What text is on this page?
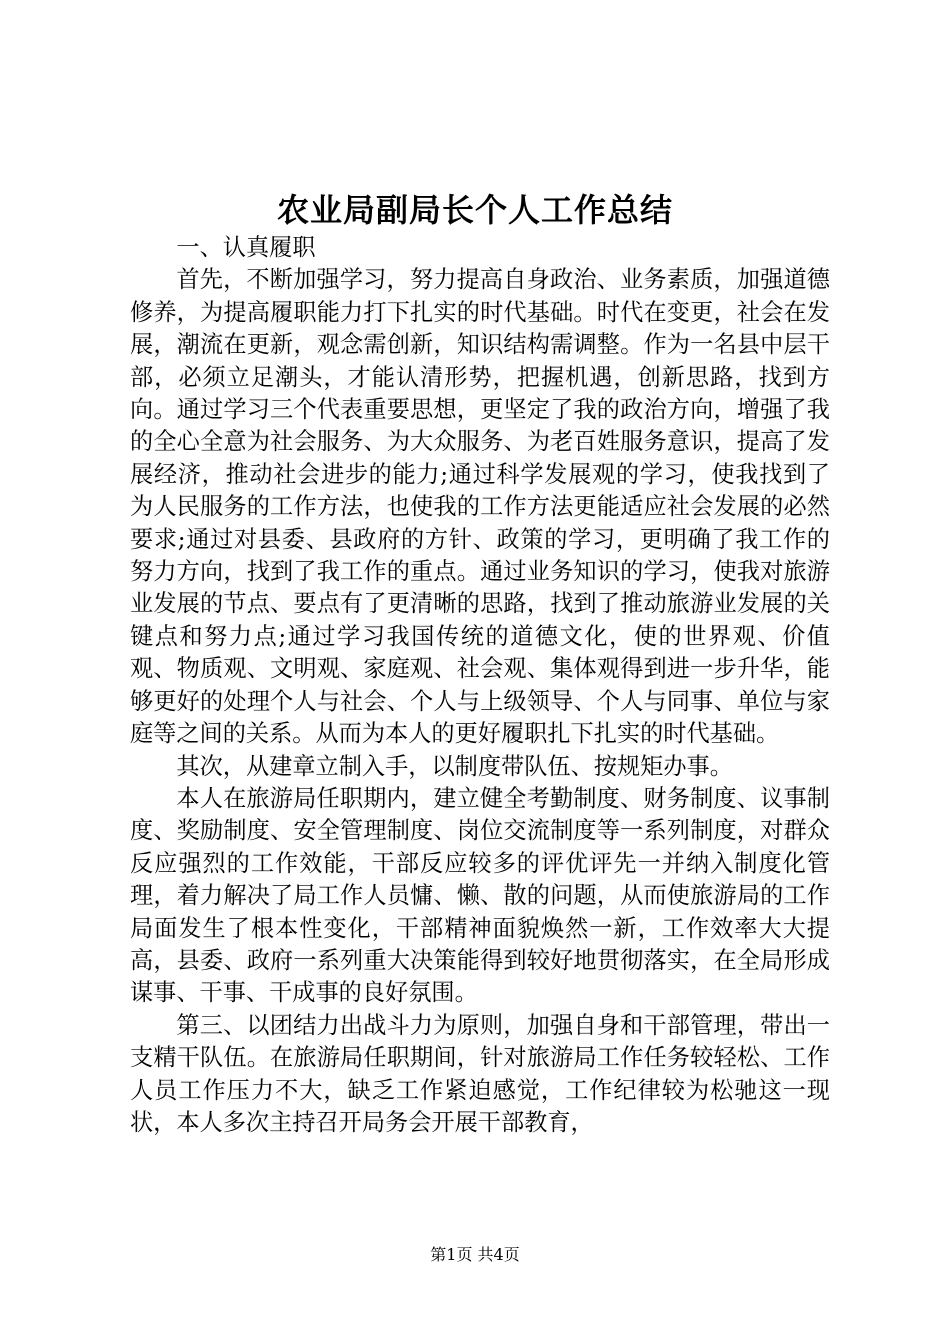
农业局副局长个人工作总结

一、认真履职

首先，不断加强学习，努力提高自身政治、业务素质，加强道德修养，为提高履职能力打下扎实的时代基础。时代在变更，社会在发展，潮流在更新，观念需创新，知识结构需调整。作为一名县中层干部，必须立足潮头，才能认清形势，把握机遇，创新思路，找到方向。通过学习三个代表重要思想，更坚定了我的政治方向，增强了我的全心全意为社会服务、为大众服务、为老百姓服务意识，提高了发展经济，推动社会进步的能力;通过科学发展观的学习，使我找到了为人民服务的工作方法，也使我的工作方法更能适应社会发展的必然要求;通过对县委、县政府的方针、政策的学习，更明确了我工作的努力方向，找到了我工作的重点。通过业务知识的学习，使我对旅游业发展的节点、要点有了更清晰的思路，找到了推动旅游业发展的关键点和努力点;通过学习我国传统的道德文化，使的世界观、价值观、物质观、文明观、家庭观、社会观、集体观得到进一步升华，能够更好的处理个人与社会、个人与上级领导、个人与同事、单位与家庭等之间的关系。从而为本人的更好履职扎下扎实的时代基础。

其次，从建章立制入手，以制度带队伍、按规矩办事。

本人在旅游局任职期内，建立健全考勤制度、财务制度、议事制度、奖励制度、安全管理制度、岗位交流制度等一系列制度，对群众反应强烈的工作效能，干部反应较多的评优评先一并纳入制度化管理，着力解决了局工作人员慵、懒、散的问题，从而使旅游局的工作局面发生了根本性变化，干部精神面貌焕然一新，工作效率大大提高，县委、政府一系列重大决策能得到较好地贯彻落实，在全局形成谋事、干事、干成事的良好氛围。

第三、以团结力出战斗力为原则，加强自身和干部管理，带出一支精干队伍。在旅游局任职期间，针对旅游局工作任务较轻松、工作人员工作压力不大，缺乏工作紧迫感觉，工作纪律较为松驰这一现状，本人多次主持召开局务会开展干部教育，

第1页 共4页
